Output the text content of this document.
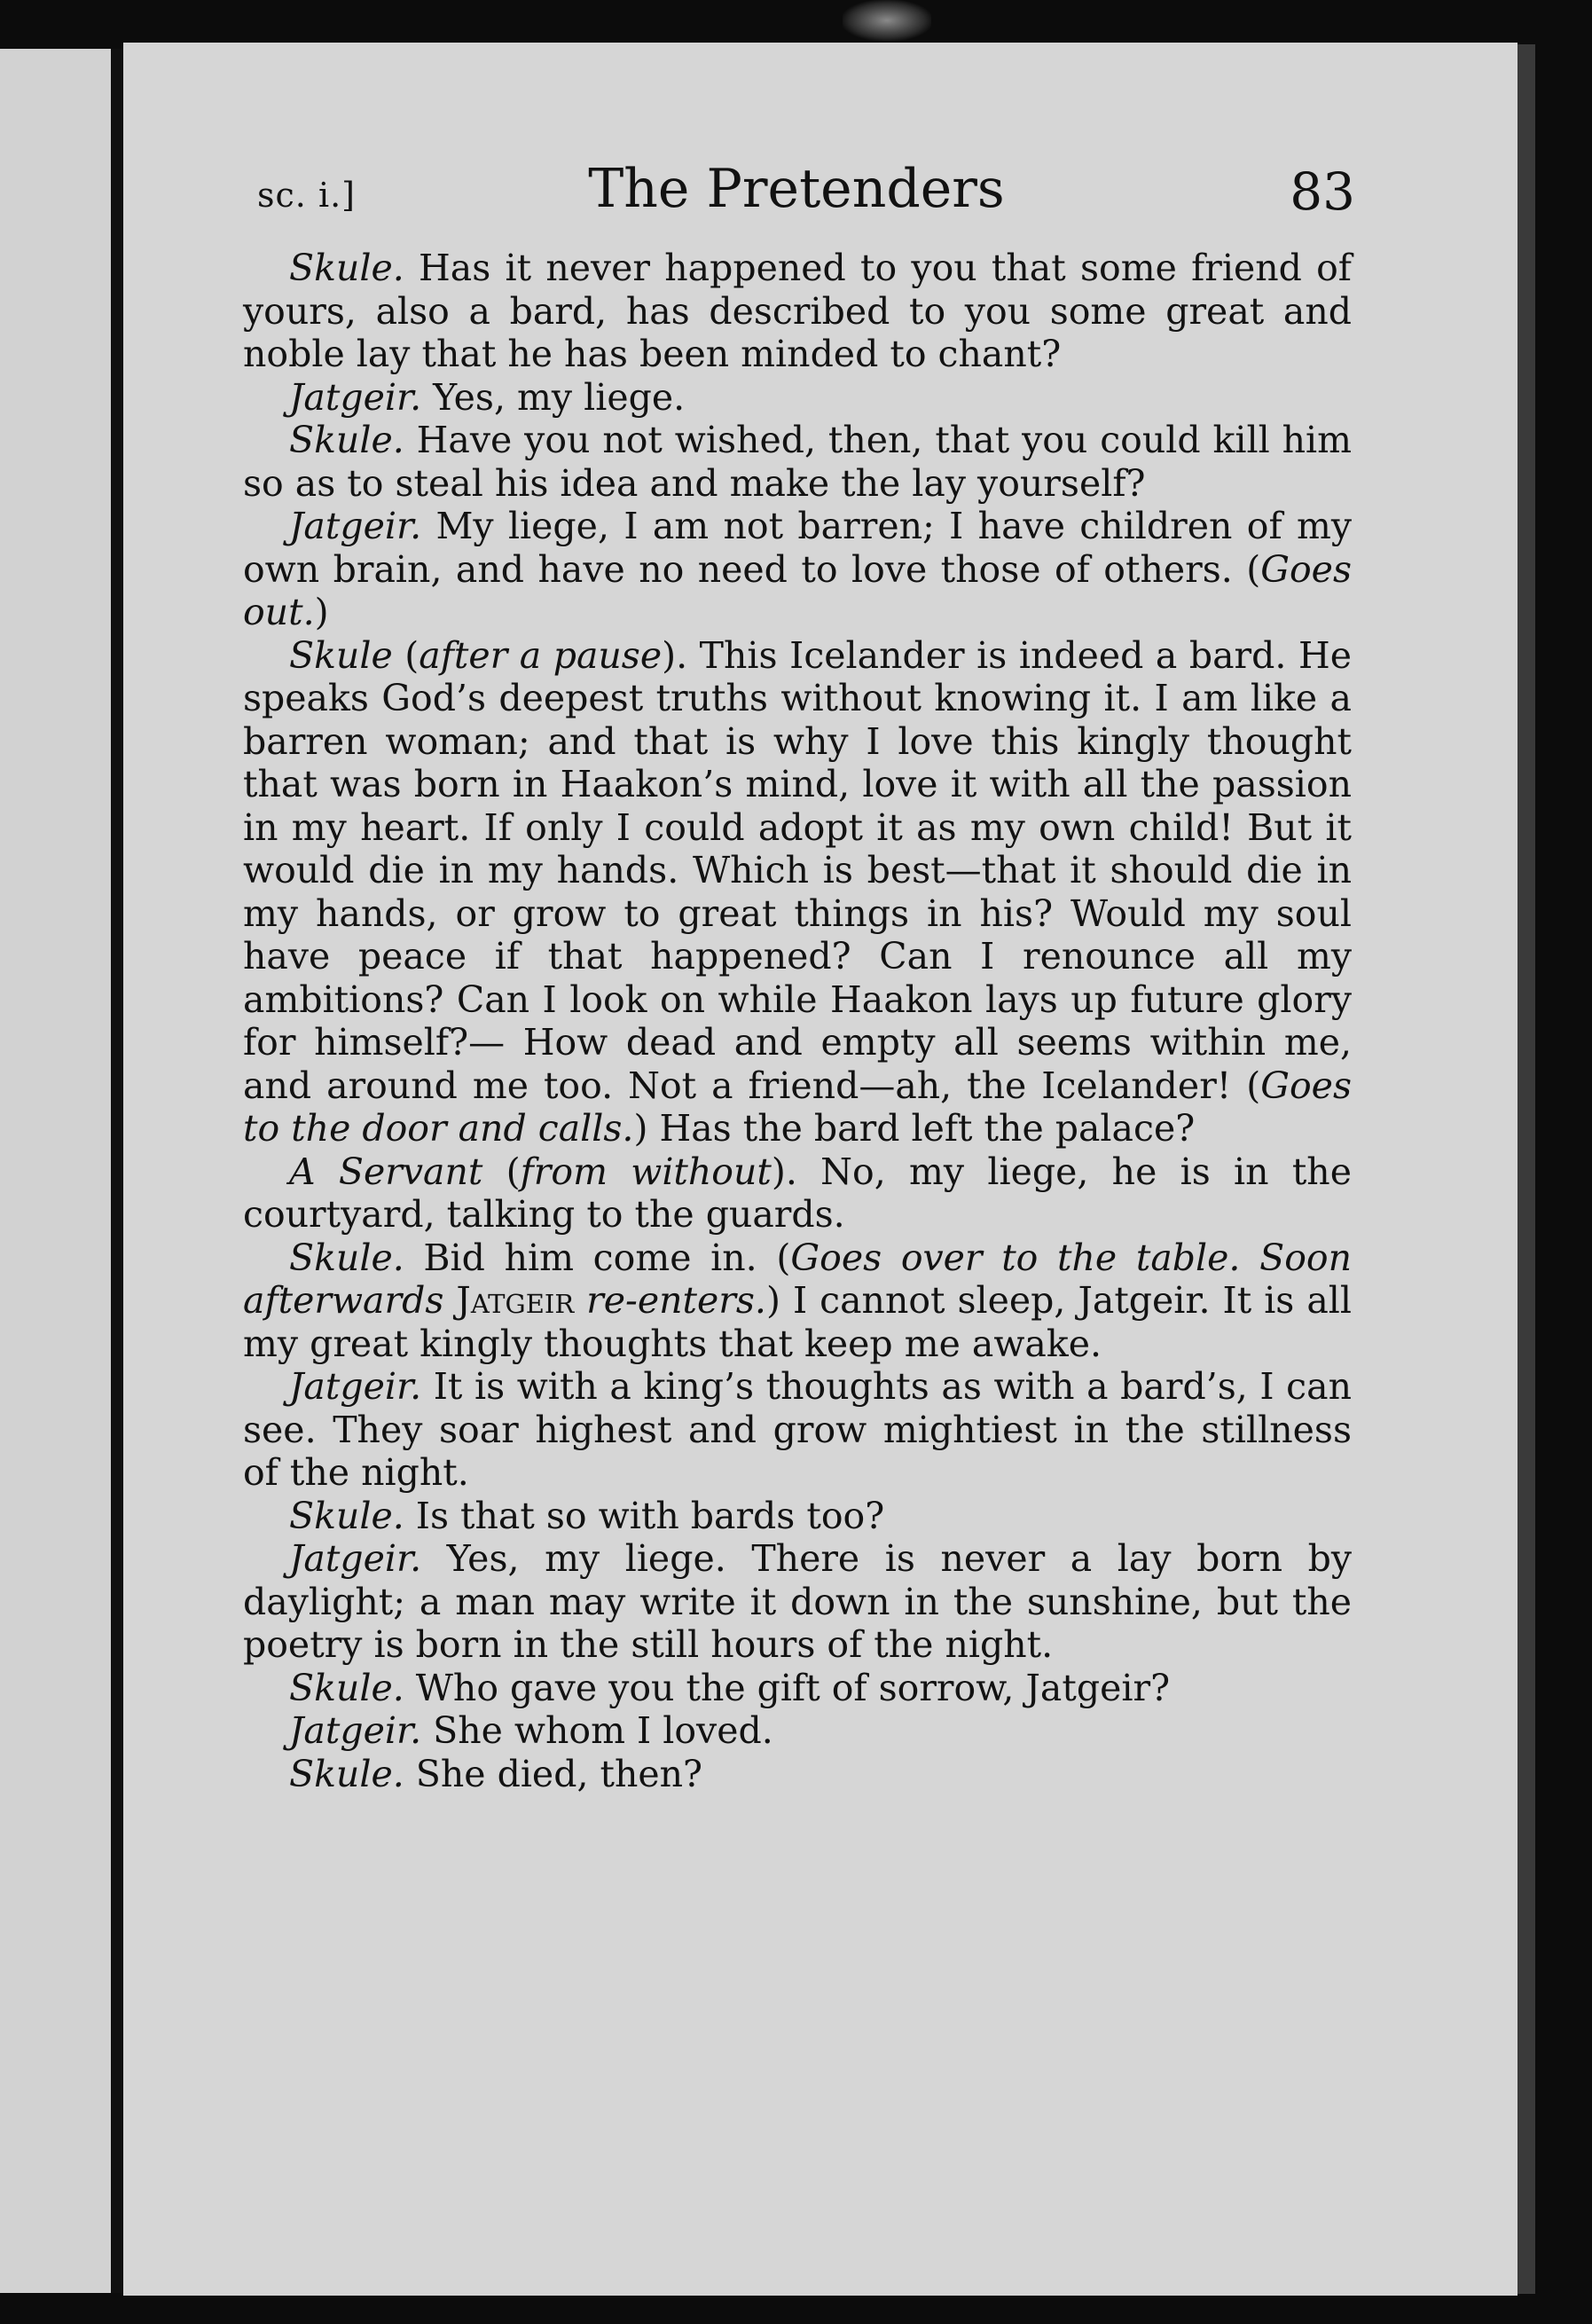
sc. i.]	The Pretenders	83

Skule. Has it never happened to you that some friend of yours, also a bard, has described to you some great and noble lay that he has been minded to chant?

Jatgeir. Yes, my liege.

Skule. Have you not wished, then, that you could kill him so as to steal his idea and make the lay yourself?

Jatgeir. My liege, I am not barren; I have children of my own brain, and have no need to love those of others. (Goes out.)

Skule (after a pause). This Icelander is indeed a bard. He speaks God’s deepest truths without knowing it. I am like a barren woman; and that is why I love this kingly thought that was born in Haakon’s mind, love it with all the passion in my heart. If only I could adopt it as my own child! But it would die in my hands. Which is best—that it should die in my hands, or grow to great things in his? Would my soul have peace if that happened? Can I renounce all my ambitions? Can I look on while Haakon lays up future glory for himself?— How dead and empty all seems within me, and around me too. Not a friend—ah, the Icelander! (Goes to the door and calls.) Has the bard left the palace?

A Servant (from without). No, my liege, he is in the courtyard, talking to the guards.

Skule. Bid him come in. (Goes over to the table. Soon afterwards Jatgeir re-enters.) I cannot sleep, Jatgeir. It is all my great kingly thoughts that keep me awake.

Jatgeir. It is with a king’s thoughts as with a bard’s, I can see. They soar highest and grow mightiest in the stillness of the night.

Skule. Is that so with bards too?

Jatgeir. Yes, my liege. There is never a lay born by daylight; a man may write it down in the sunshine, but the poetry is born in the still hours of the night.

Skule. Who gave you the gift of sorrow, Jatgeir?

Jatgeir. She whom I loved.

Skule. She died, then?
